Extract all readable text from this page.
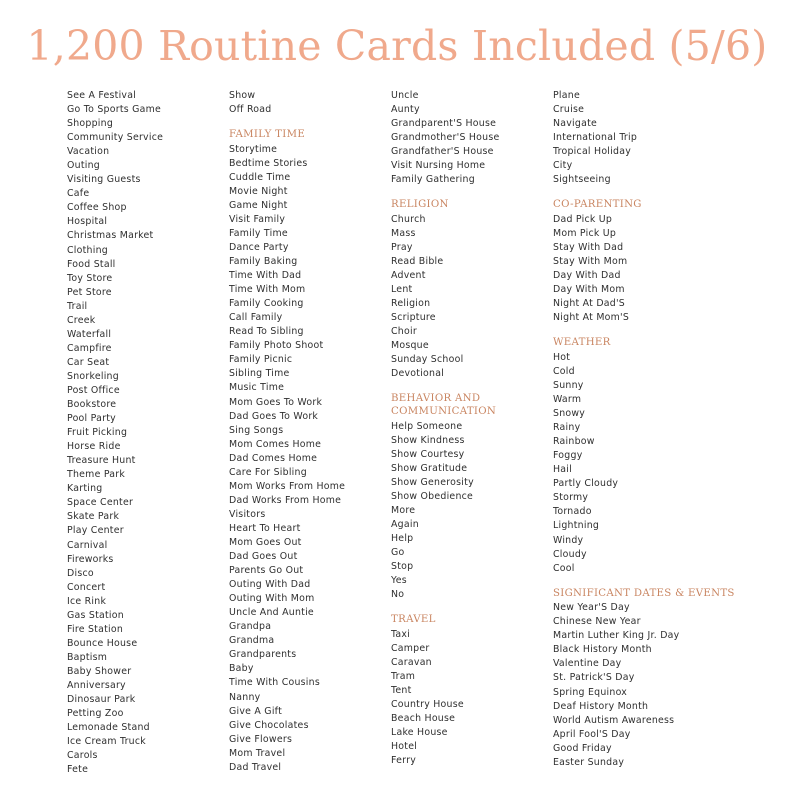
1,200 Routine Cards Included (5/6)
See A Festival
Go To Sports Game
Shopping
Community Service
Vacation
Outing
Visiting Guests
Cafe
Coffee Shop
Hospital
Christmas Market
Clothing
Food Stall
Toy Store
Pet Store
Trail
Creek
Waterfall
Campfire
Car Seat
Snorkeling
Post Office
Bookstore
Pool Party
Fruit Picking
Horse Ride
Treasure Hunt
Theme Park
Karting
Space Center
Skate Park
Play Center
Carnival
Fireworks
Disco
Concert
Ice Rink
Gas Station
Fire Station
Bounce House
Baptism
Baby Shower
Anniversary
Dinosaur Park
Petting Zoo
Lemonade Stand
Ice Cream Truck
Carols
Fete
Show
Off Road
FAMILY TIME
Storytime
Bedtime Stories
Cuddle Time
Movie Night
Game Night
Visit Family
Family Time
Dance Party
Family Baking
Time With Dad
Time With Mom
Family Cooking
Call Family
Read To Sibling
Family Photo Shoot
Family Picnic
Sibling Time
Music Time
Mom Goes To Work
Dad Goes To Work
Sing Songs
Mom Comes Home
Dad Comes Home
Care For Sibling
Mom Works From Home
Dad Works From Home
Visitors
Heart To Heart
Mom Goes Out
Dad Goes Out
Parents Go Out
Outing With Dad
Outing With Mom
Uncle And Auntie
Grandpa
Grandma
Grandparents
Baby
Time With Cousins
Nanny
Give A Gift
Give Chocolates
Give Flowers
Mom Travel
Dad Travel
Uncle
Aunty
Grandparent'S House
Grandmother'S House
Grandfather'S House
Visit Nursing Home
Family Gathering
RELIGION
Church
Mass
Pray
Read Bible
Advent
Lent
Religion
Scripture
Choir
Mosque
Sunday School
Devotional
BEHAVIOR AND
COMMUNICATION
Help Someone
Show Kindness
Show Courtesy
Show Gratitude
Show Generosity
Show Obedience
More
Again
Help
Go
Stop
Yes
No
TRAVEL
Taxi
Camper
Caravan
Tram
Tent
Country House
Beach House
Lake House
Hotel
Ferry
Plane
Cruise
Navigate
International Trip
Tropical Holiday
City
Sightseeing
CO-PARENTING
Dad Pick Up
Mom Pick Up
Stay With Dad
Stay With Mom
Day With Dad
Day With Mom
Night At Dad'S
Night At Mom'S
WEATHER
Hot
Cold
Sunny
Warm
Snowy
Rainy
Rainbow
Foggy
Hail
Partly Cloudy
Stormy
Tornado
Lightning
Windy
Cloudy
Cool
SIGNIFICANT DATES & EVENTS
New Year'S Day
Chinese New Year
Martin Luther King Jr. Day
Black History Month
Valentine Day
St. Patrick'S Day
Spring Equinox
Deaf History Month
World Autism Awareness
April Fool'S Day
Good Friday
Easter Sunday
